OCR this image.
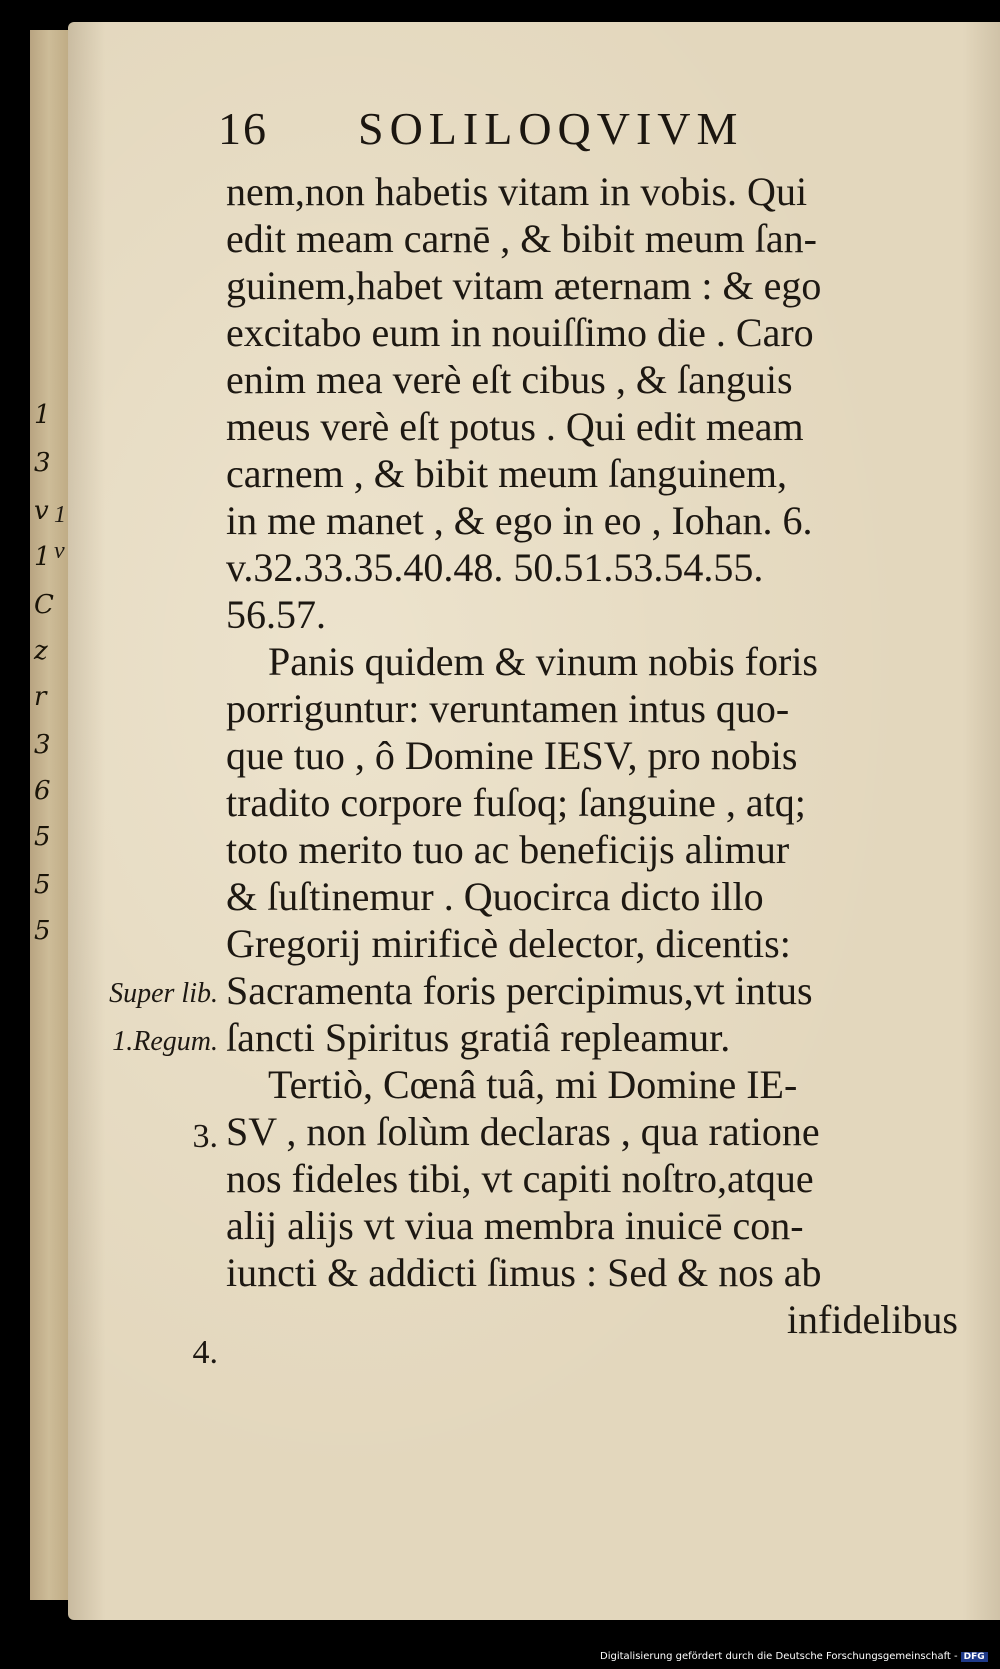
1
3
v
1
C
z
r
3
6
5
5
5
1
v
16 SOLILOQVIVM
nem,non habetis vitam in vobis. Qui
edit meam carnē , & bibit meum ſan-
guinem,habet vitam æternam : & ego
excitabo eum in nouiſſimo die . Caro
enim mea verè eſt cibus , & ſanguis
meus verè eſt potus . Qui edit meam
carnem , & bibit meum ſanguinem,
in me manet , & ego in eo , Iohan. 6.
v.32.33.35.40.48. 50.51.53.54.55.
56.57.
Panis quidem & vinum nobis foris
porriguntur: veruntamen intus quo-
que tuo , ô Domine IESV, pro nobis
tradito corpore fuſoq; ſanguine , atq;
toto merito tuo ac beneficijs alimur
& ſuſtinemur . Quocirca dicto illo
Gregorij mirificè delector, dicentis:
Sacramenta foris percipimus,vt intus
ſancti Spiritus gratiâ repleamur.
Tertiò, Cœnâ tuâ, mi Domine IE-
SV , non ſolùm declaras , qua ratione
nos fideles tibi, vt capiti noſtro,atque
alij alijs vt viua membra inuicē con-
iuncti & addicti ſimus : Sed & nos ab
infidelibus
Super lib.
1.Regum.
3.
4.
Digitalisierung gefördert durch die Deutsche Forschungsgemeinschaft - DFG
